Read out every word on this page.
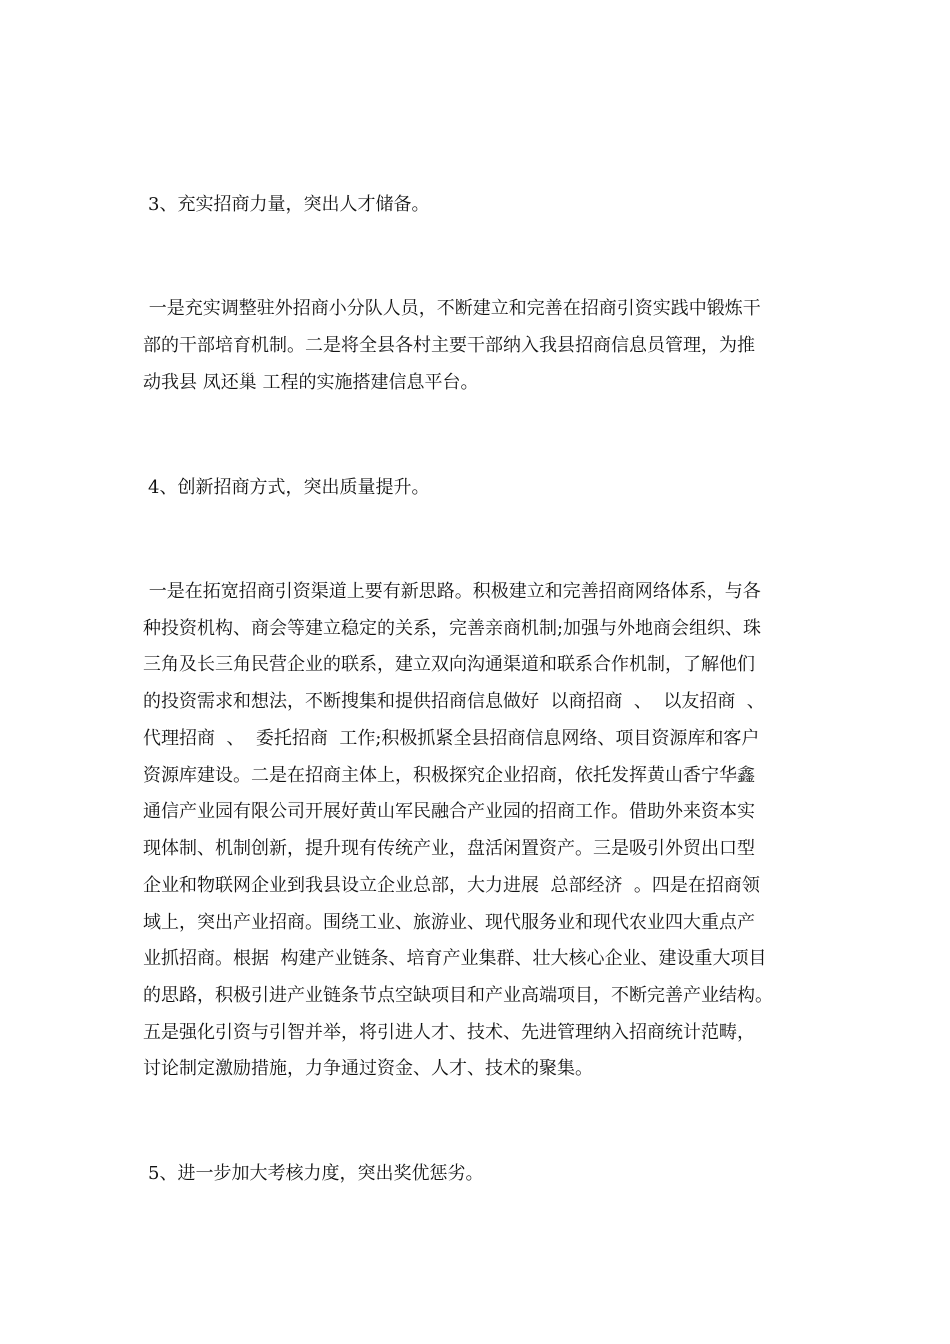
3、充实招商力量，突出人才储备。
一是充实调整驻外招商小分队人员，不断建立和完善在招商引资实践中锻炼干
部的干部培育机制。二是将全县各村主要干部纳入我县招商信息员管理，为推
动我县 凤还巢 工程的实施搭建信息平台。
4、创新招商方式，突出质量提升。
一是在拓宽招商引资渠道上要有新思路。积极建立和完善招商网络体系，与各
种投资机构、商会等建立稳定的关系，完善亲商机制;加强与外地商会组织、珠
三角及长三角民营企业的联系，建立双向沟通渠道和联系合作机制，了解他们
的投资需求和想法，不断搜集和提供招商信息做好  以商招商  、  以友招商  、
代理招商  、  委托招商  工作;积极抓紧全县招商信息网络、项目资源库和客户
资源库建设。二是在招商主体上，积极探究企业招商，依托发挥黄山香宁华鑫
通信产业园有限公司开展好黄山军民融合产业园的招商工作。借助外来资本实
现体制、机制创新，提升现有传统产业，盘活闲置资产。三是吸引外贸出口型
企业和物联网企业到我县设立企业总部，大力进展  总部经济  。四是在招商领
域上，突出产业招商。围绕工业、旅游业、现代服务业和现代农业四大重点产
业抓招商。根据  构建产业链条、培育产业集群、壮大核心企业、建设重大项目
的思路，积极引进产业链条节点空缺项目和产业高端项目，不断完善产业结构。
五是强化引资与引智并举，将引进人才、技术、先进管理纳入招商统计范畴，
讨论制定激励措施，力争通过资金、人才、技术的聚集。
5、进一步加大考核力度，突出奖优惩劣。
